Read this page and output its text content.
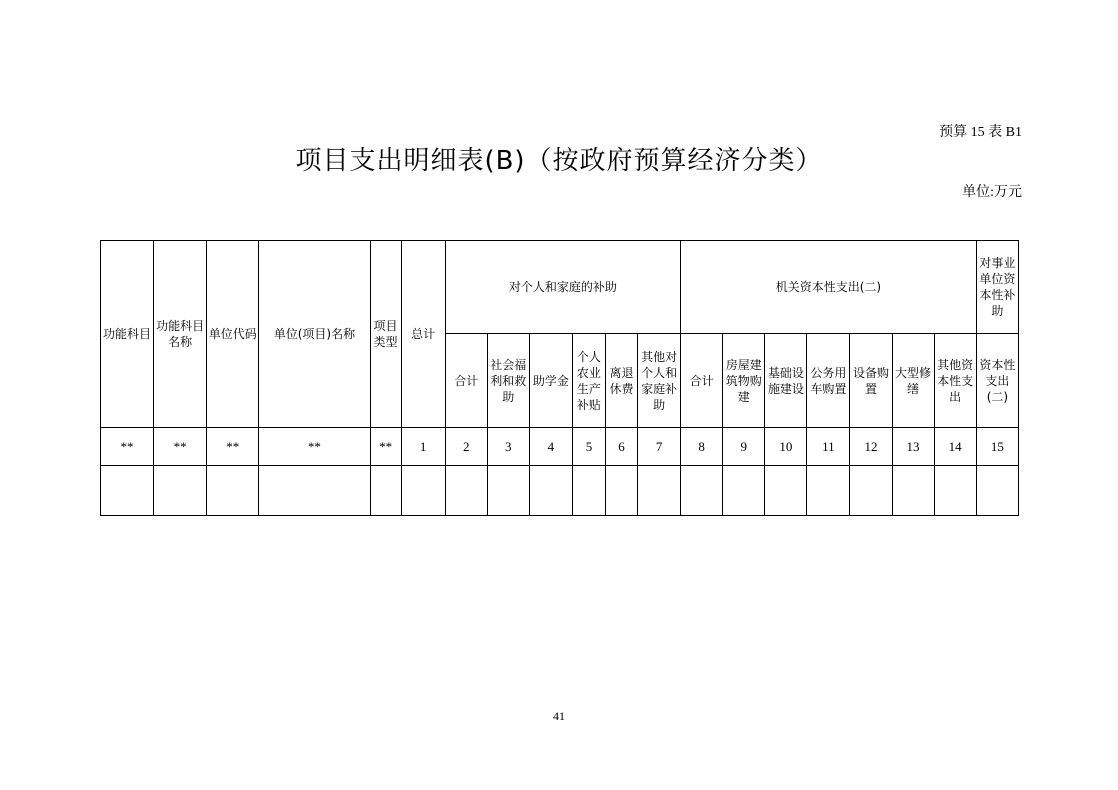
预算 15 表 B1
项目支出明细表(B)（按政府预算经济分类）
单位:万元
功能科目	功能科目名称	单位代码	单位(项目)名称	项目类型	总计	对个人和家庭的补助						机关资本性支出(二)							对事业单位资本性补助
						合计	社会福利和救助	助学金	个人农业生产补贴	离退休费	其他对个人和家庭补助	合计	房屋建筑物购建	基础设施建设	公务用车购置	设备购置	大型修缮	其他资本性支出	资本性支出(二)
**	**	**	**	**	1	2	3	4	5	6	7	8	9	10	11	12	13	14	15

41
